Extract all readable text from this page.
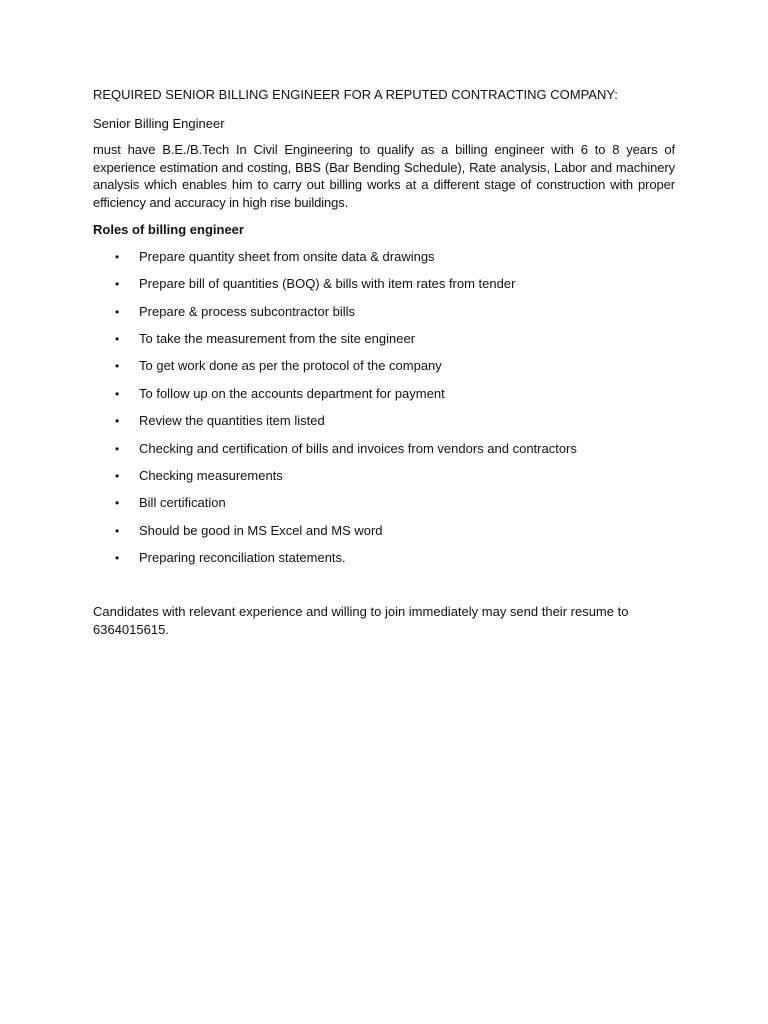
REQUIRED SENIOR BILLING ENGINEER FOR A REPUTED CONTRACTING COMPANY:

Senior Billing Engineer

must have B.E./B.Tech In Civil Engineering to qualify as a billing engineer with 6 to 8 years of experience estimation and costing, BBS (Bar Bending Schedule), Rate analysis, Labor and machinery analysis which enables him to carry out billing works at a different stage of construction with proper efficiency and accuracy in high rise buildings.

Roles of billing engineer

• Prepare quantity sheet from onsite data & drawings
• Prepare bill of quantities (BOQ) & bills with item rates from tender
• Prepare & process subcontractor bills
• To take the measurement from the site engineer
• To get work done as per the protocol of the company
• To follow up on the accounts department for payment
• Review the quantities item listed
• Checking and certification of bills and invoices from vendors and contractors
• Checking measurements
• Bill certification
• Should be good in MS Excel and MS word
• Preparing reconciliation statements.

Candidates with relevant experience and willing to join immediately may send their resume to
6364015615.
